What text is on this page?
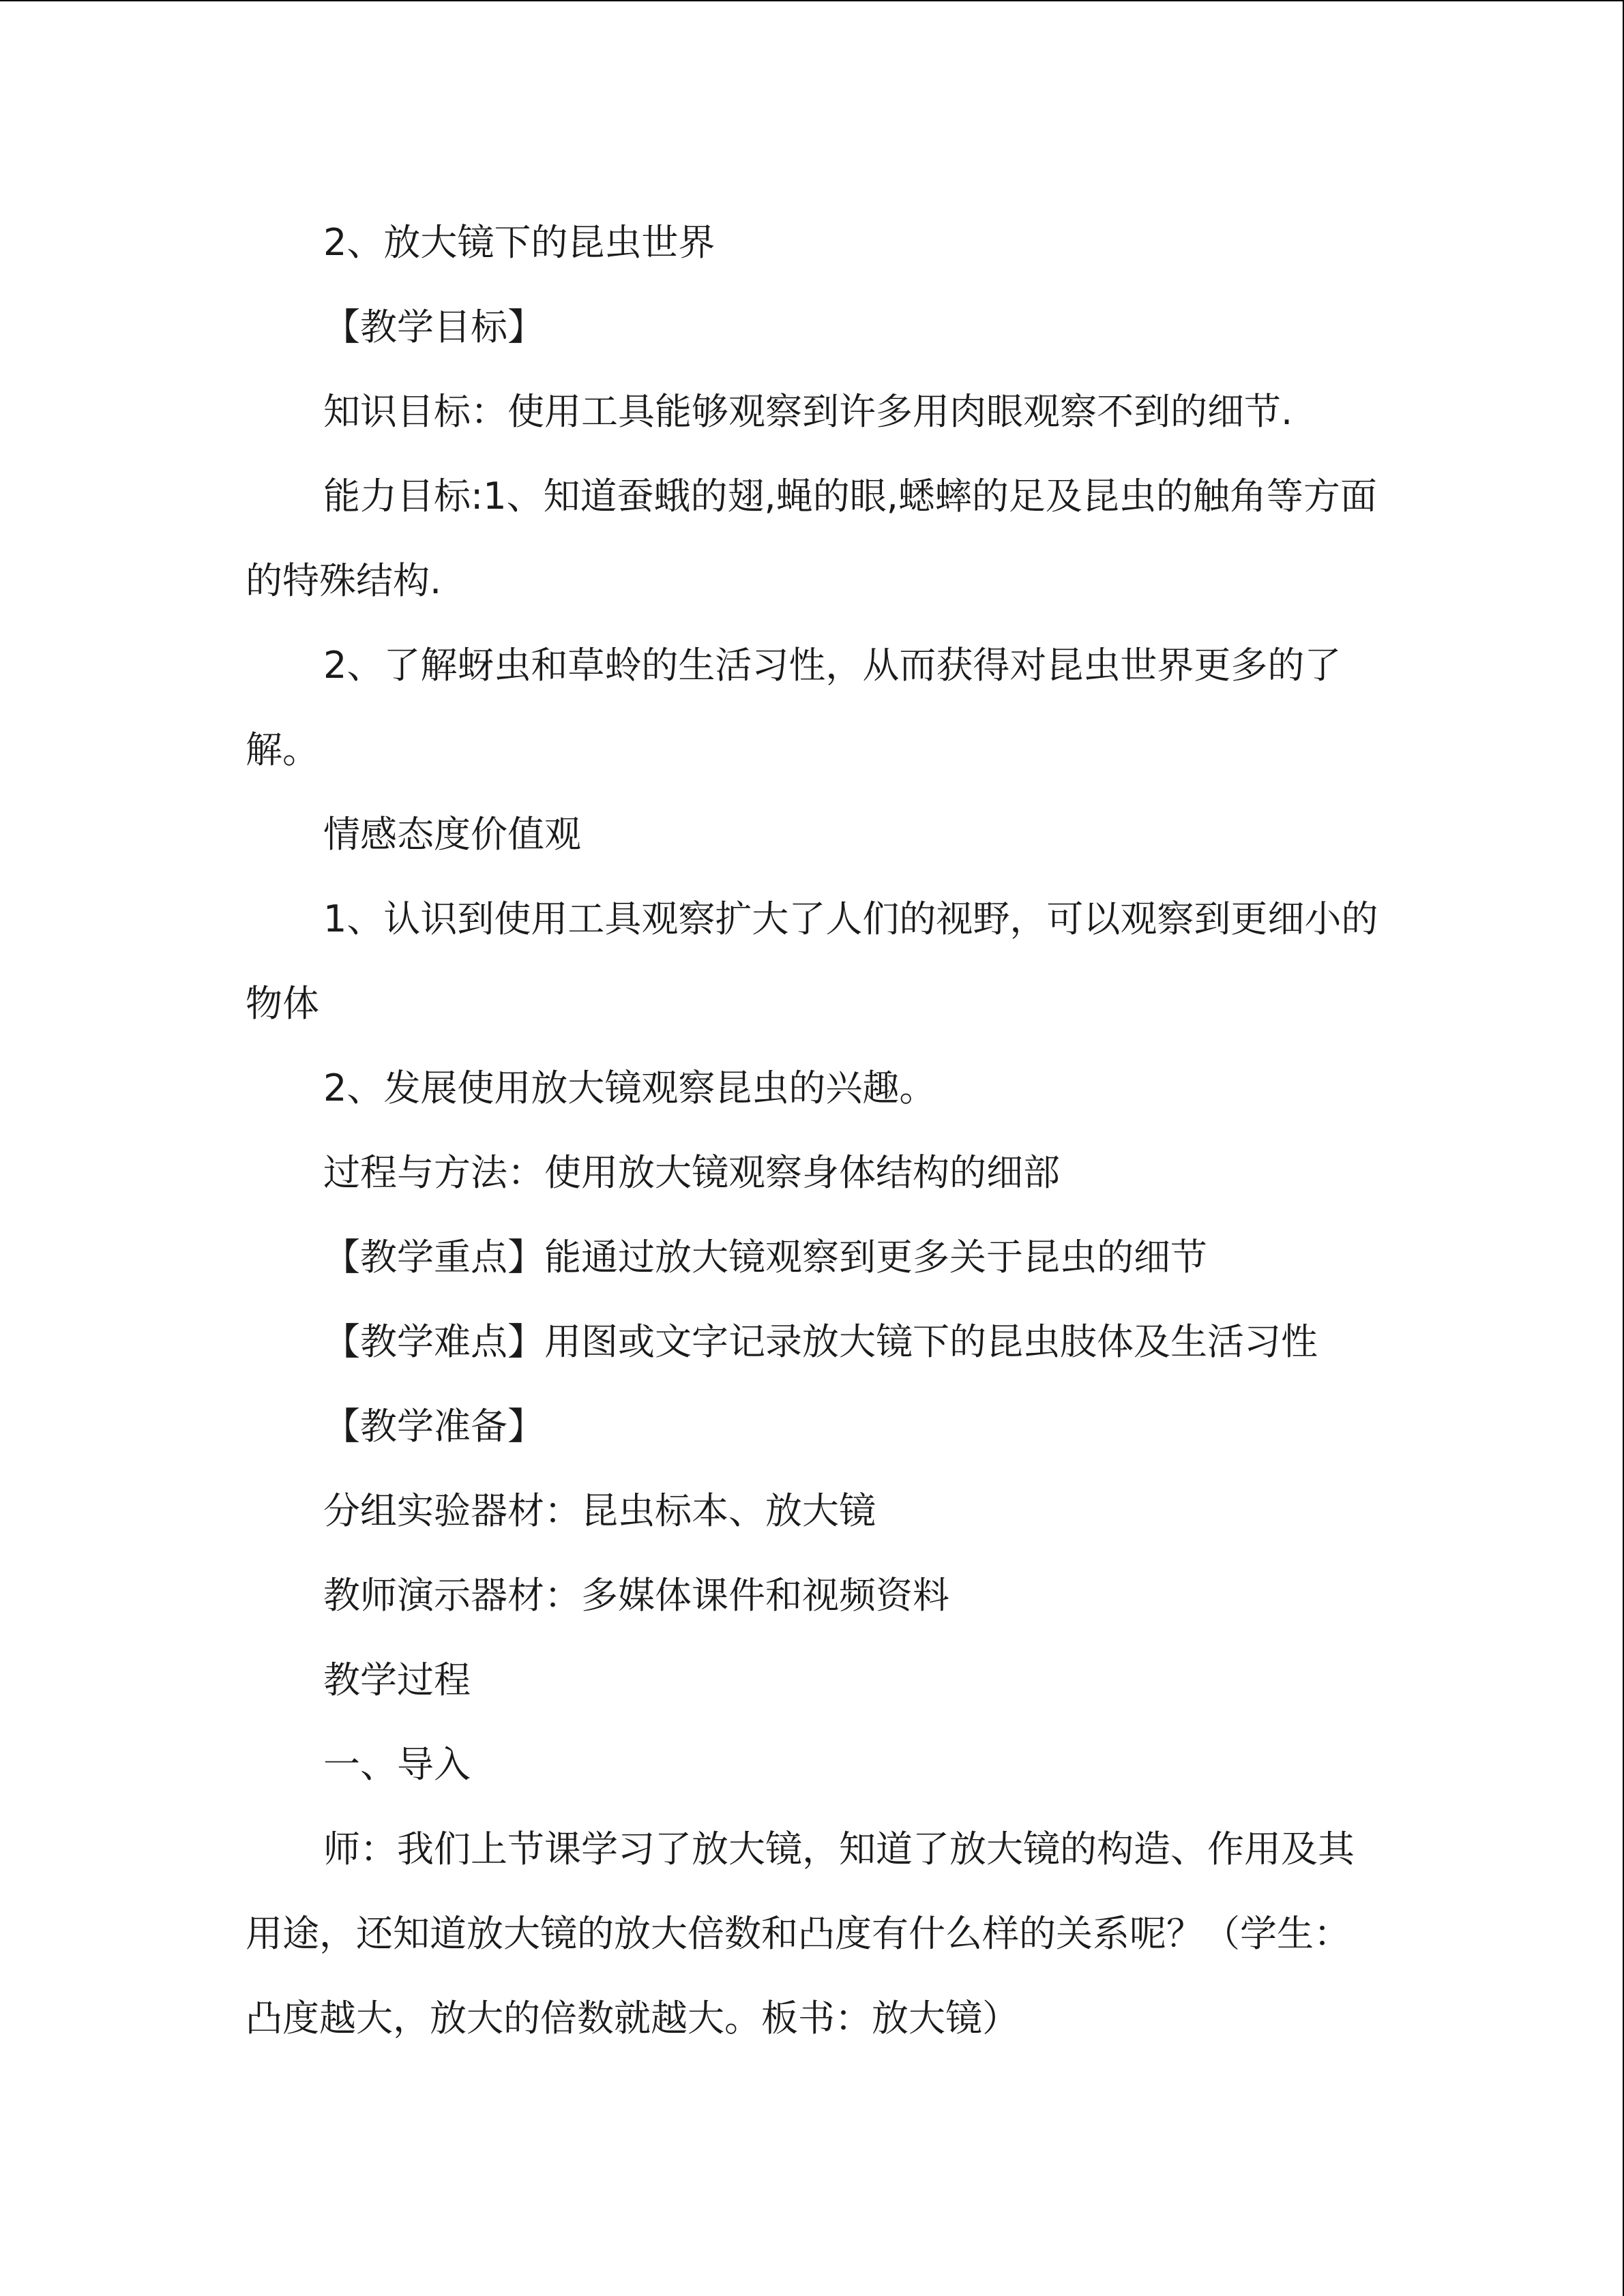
2、放大镜下的昆虫世界

【教学目标】

知识目标：使用工具能够观察到许多用肉眼观察不到的细节.

能力目标:1、知道蚕蛾的翅,蝇的眼,蟋蟀的足及昆虫的触角等方面的特殊结构.

2、了解蚜虫和草蛉的生活习性，从而获得对昆虫世界更多的了解。

情感态度价值观

1、认识到使用工具观察扩大了人们的视野，可以观察到更细小的物体

2、发展使用放大镜观察昆虫的兴趣。

过程与方法：使用放大镜观察身体结构的细部

【教学重点】能通过放大镜观察到更多关于昆虫的细节

【教学难点】用图或文字记录放大镜下的昆虫肢体及生活习性

【教学准备】

分组实验器材：昆虫标本、放大镜

教师演示器材：多媒体课件和视频资料

教学过程

一、导入

师：我们上节课学习了放大镜，知道了放大镜的构造、作用及其用途，还知道放大镜的放大倍数和凸度有什么样的关系呢？（学生：凸度越大，放大的倍数就越大。板书：放大镜）
